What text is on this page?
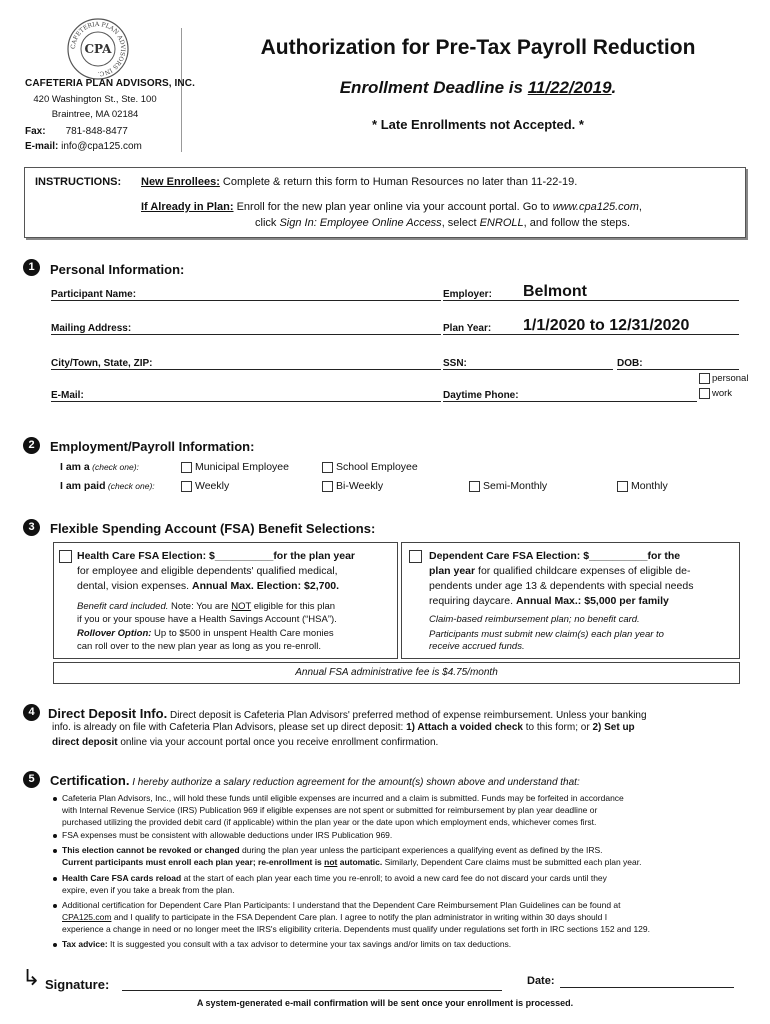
CAFETERIA PLAN ADVISORS INC.
CPA
CAFETERIA PLAN ADVISORS, INC.
420 Washington St., Ste. 100
Braintree, MA 02184
Fax: 781-848-8477
E-mail: info@cpa125.com
Authorization for Pre-Tax Payroll Reduction
Enrollment Deadline is 11/22/2019.
* Late Enrollments not Accepted. *
INSTRUCTIONS: New Enrollees: Complete & return this form to Human Resources no later than 11-22-19.
If Already in Plan: Enroll for the new plan year online via your account portal. Go to www.cpa125.com,
click Sign In: Employee Online Access, select ENROLL, and follow the steps.
1	Personal Information:
Participant Name:	Employer: Belmont
Mailing Address:	Plan Year: 1/1/2020 to 12/31/2020
City/Town, State, ZIP:	SSN:	DOB:
E-Mail:	Daytime Phone:
personal
work
2	Employment/Payroll Information:
I am a (check one):	Municipal Employee	School Employee
I am paid (check one):	Weekly	Bi-Weekly	Semi-Monthly	Monthly
3	Flexible Spending Account (FSA) Benefit Selections:
Health Care FSA Election: $__________for the plan year
for employee and eligible dependents' qualified medical,
dental, vision expenses. Annual Max. Election: $2,700.
Benefit card included. Note: You are NOT eligible for this plan
if you or your spouse have a Health Savings Account (“HSA”).
Rollover Option: Up to $500 in unspent Health Care monies
can roll over to the new plan year as long as you re-enroll.
Dependent Care FSA Election: $__________for the
plan year for qualified childcare expenses of eligible de-
pendents under age 13 & dependents with special needs
requiring daycare. Annual Max.: $5,000 per family
Claim-based reimbursement plan; no benefit card.
Participants must submit new claim(s) each plan year to
receive accrued funds.
Annual FSA administrative fee is $4.75/month
4	Direct Deposit Info. Direct deposit is Cafeteria Plan Advisors' preferred method of expense reimbursement. Unless your banking
info. is already on file with Cafeteria Plan Advisors, please set up direct deposit: 1) Attach a voided check to this form; or 2) Set up
direct deposit online via your account portal once you receive enrollment confirmation.
5	Certification. I hereby authorize a salary reduction agreement for the amount(s) shown above and understand that:
Cafeteria Plan Advisors, Inc., will hold these funds until eligible expenses are incurred and a claim is submitted. Funds may be forfeited in accordance
with Internal Revenue Service (IRS) Publication 969 if eligible expenses are not spent or submitted for reimbursement by plan year deadline or
purchased utilizing the provided debit card (if applicable) within the plan year or the date upon which employment ends, whichever comes first.
FSA expenses must be consistent with allowable deductions under IRS Publication 969.
This election cannot be revoked or changed during the plan year unless the participant experiences a qualifying event as defined by the IRS.
Current participants must enroll each plan year; re-enrollment is not automatic. Similarly, Dependent Care claims must be submitted each plan year.
Health Care FSA cards reload at the start of each plan year each time you re-enroll; to avoid a new card fee do not discard your cards until they
expire, even if you take a break from the plan.
Additional certification for Dependent Care Plan Participants: I understand that the Dependent Care Reimbursement Plan Guidelines can be found at
CPA125.com and I qualify to participate in the FSA Dependent Care plan. I agree to notify the plan administrator in writing within 30 days should I
experience a change in need or no longer meet the IRS's eligibility criteria. Dependents must qualify under regulations set forth in IRC sections 152 and 129.
Tax advice: It is suggested you consult with a tax advisor to determine your tax savings and/or limits on tax deductions.
↳ Signature:	Date:
A system-generated e-mail confirmation will be sent once your enrollment is processed.
